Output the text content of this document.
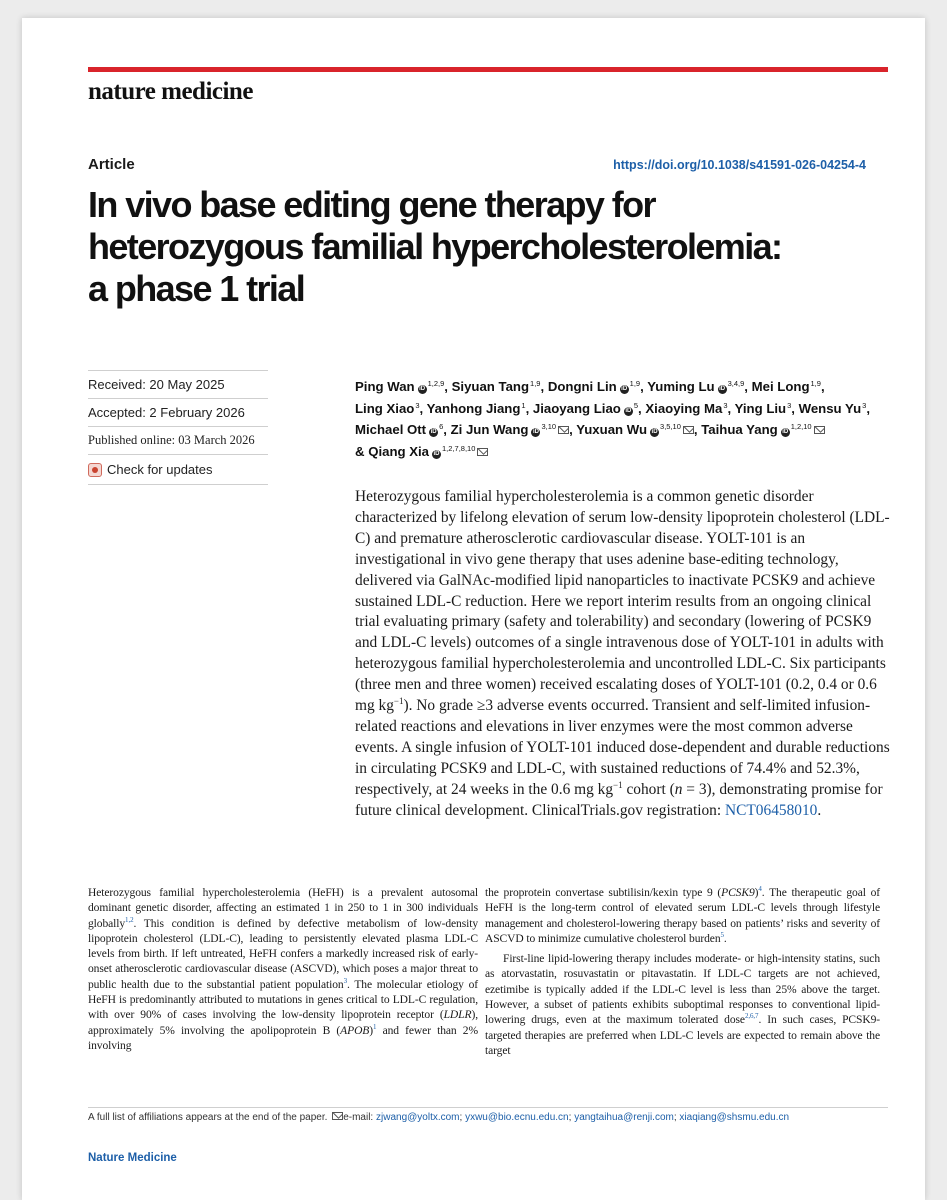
nature medicine
Article	https://doi.org/10.1038/s41591-026-04254-4
In vivo base editing gene therapy for
heterozygous familial hypercholesterolemia:
a phase 1 trial
Received: 20 May 2025
Accepted: 2 February 2026
Published online: 03 March 2026
Check for updates
Ping Wan iD$^{1,2,9}$, Siyuan Tang$^{1,9}$, Dongni Lin iD$^{1,9}$, Yuming Lu iD$^{3,4,9}$, Mei Long$^{1,9}$, Ling Xiao$^3$, Yanhong Jiang$^1$, Jiaoyang Liao $iD^5$, Xiaoying Ma$^3$, Ying Liu$^3$, Wensu Yu$^3$, Michael Ott $iD^6$, Zi Jun Wang iD$^{3,10}$ , Yuxuan Wu iD$^{3,5,10}$ , Taihua Yang iD$^{1,2,10}$ & Qiang Xia iD$^{1,2,7,8,10}$

Heterozygous familial hypercholesterolemia is a common genetic disorder characterized by lifelong elevation of serum low-density lipoprotein cholesterol (LDL-C) and premature atherosclerotic cardiovascular disease. YOLT-101 is an investigational in vivo gene therapy that uses adenine base-editing technology, delivered via GalNAc-modified lipid nanoparticles to inactivate PCSK9 and achieve sustained LDL-C reduction. Here we report interim results from an ongoing clinical trial evaluating primary (safety and tolerability) and secondary (lowering of PCSK9 and LDL-C levels) outcomes of a single intravenous dose of YOLT-101 in adults with heterozygous familial hypercholesterolemia and uncontrolled LDL-C. Six participants (three men and three women) received escalating doses of YOLT-101 (0.2, 0.4 or 0.6 mg $kg^{-1}$). No grade ≥3 adverse events occurred. Transient and self-limited infusion-related reactions and elevations in liver enzymes were the most common adverse events. A single infusion of YOLT-101 induced dose-dependent and durable reductions in circulating PCSK9 and LDL-C, with sustained reductions of 74.4% and 52.3%, respectively, at 24 weeks in the 0.6 mg $kg^{-1}$ cohort (n = 3), demonstrating promise for future clinical development. ClinicalTrials.gov registration: NCT06458010.

Heterozygous familial hypercholesterolemia (HeFH) is a prevalent autosomal dominant genetic disorder, affecting an estimated 1 in 250 to 1 in 300 individuals globally$^{1,2}$. This condition is defined by defective metabolism of low-density lipoprotein cholesterol (LDL-C), leading to persistently elevated plasma LDL-C levels from birth. If left untreated, HeFH confers a markedly increased risk of early-onset atherosclerotic cardiovascular disease (ASCVD), which poses a major threat to public health due to the substantial patient population$^3$. The molecular etiology of HeFH is predominantly attributed to mutations in genes critical to LDL-C regulation, with over 90% of cases involving the low-density lipoprotein receptor (LDLR), approximately 5% involving the apolipoprotein B (APOB)$^1$ and fewer than 2% involving

the proprotein convertase subtilisin/kexin type 9 (PCSK9)$^4$. The therapeutic goal of HeFH is the long-term control of elevated serum LDL-C levels through lifestyle management and cholesterol-lowering therapy based on patients’ risks and severity of ASCVD to minimize cumulative cholesterol burden$^5$.

First-line lipid-lowering therapy includes moderate- or high-intensity statins, such as atorvastatin, rosuvastatin or pitavastatin. If LDL-C targets are not achieved, ezetimibe is typically added if the LDL-C level is less than 25% above the target. However, a subset of patients exhibits suboptimal responses to conventional lipid-lowering drugs, even at the maximum tolerated dose$^{2,6,7}$. In such cases, PCSK9-targeted therapies are preferred when LDL-C levels are expected to remain above the target

A full list of affiliations appears at the end of the paper. e-mail: zjwang@yoltx.com; yxwu@bio.ecnu.edu.cn; yangtaihua@renji.com; xiaqiang@shsmu.edu.cn
Nature Medicine
